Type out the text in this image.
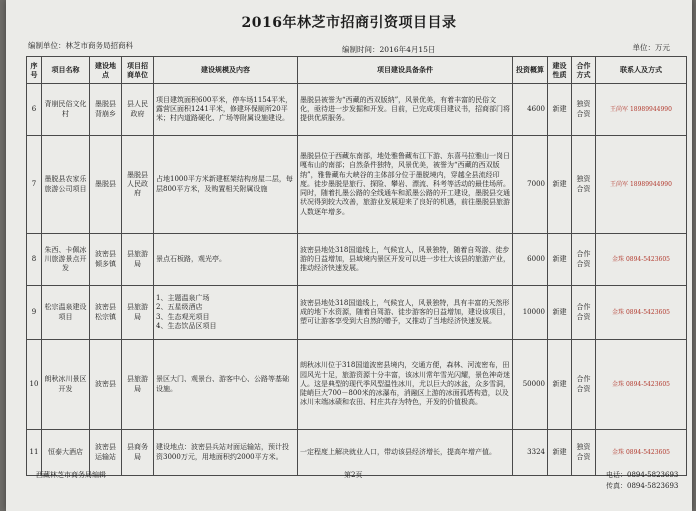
2016年林芝市招商引资项目目录
编制单位：林芝市商务局招商科	编制时间：2016年4月15日	单位：万元
序号	项目名称	建设地点	项目招商单位	建设规模及内容	项目建设具备条件	投资概算	建设性质	合作方式	联系人及方式
6	背崩民俗文化村	墨脱县背崩乡	县人民政府	项目建筑面积600平米，停车场1154平米，露营区面积1241平米，修建环保厕所20平米；村内道路硬化、广场等附属设施建设。	墨脱县被誉为“西藏的西双版纳”，风景优美，有着丰富的民俗文化，亟待进一步发掘和开发。目前，已完成项目建议书，招商部门将提供优质服务。	4600	新建	独资合资	王尚军 18989944990
7	墨脱县农家乐旅游公司项目	墨脱县	墨脱县人民政府	占地1000平方米新建框架结构房屋二层，每层800平方米，及购置相关附属设施	墨脱县位于西藏东南部，地处雅鲁藏布江下游、东喜马拉雅山一岗日嘎布山的南部；自然条件独特，风景优美，被誉为“西藏的西双版纳”，雅鲁藏布大峡谷的主体部分位于墨脱境内，穿越全县流经印度。徒步墨脱是旅行、探险、攀岩、漂流、科考等活动的最佳场所。同时，随着扎墨公路的全线通车和派墨公路的开工建设，墨脱县交通状况得到较大改善，旅游业发展迎来了良好的机遇，前往墨脱县旅游人数逐年增多。	7000	新建	独资合资	王尚军 18989944990
8	朱西、卡佩冰川旅游景点开发	波密县倾多镇	县旅游局	景点石板路，观光亭。	波密县地处318国道线上，气候宜人，风景独特，随着自驾游、徒步游的日益增加，县域境内景区开发可以进一步壮大该县的旅游产业，推动经济快速发展。	6000	新建	合作合资	金珠 0894-5423605
9	松宗温泉建设项目	波密县松宗镇	县旅游局	1、主题温泉广场
2、五星级酒店
3、生态观光项目
4、生态饮品区项目	波密县地处318国道线上，气候宜人，风景独特，具有丰富的天然形成的地下水资源，随着自驾游、徒步游客的日益增加，建设该项目，塑可让游客享受到大自然的赠予，又推动了当地经济快速发展。	10000	新建	合作合资	金珠 0894-5423605
10	朗秋冰川景区开发	波密县	县旅游局	景区大门、观景台、游客中心、公路等基础设施。	朗秋冰川位于318国道波密县境内，交通方便，森林、河流密布，田园风光十足，旅游资源十分丰富，该冰川常年雪光闪耀，景色神奇迷人。这是典型的现代季风型温性冰川，尤以巨大的冰盆，众多雪洞，陡峭巨大700－800米的冰瀑布，消融区上游的冰面孤塔构造，以及冰川末端冰碛和农田、村庄共存为特色，开发的价值极高。	50000	新建	合作合资	金珠 0894-5423605
11	恒泰大酒店	波密县运输站	县商务局	建设地点：波密县兵站对面运输站，预计投资3000万元，用地面积约2000平方米。	一定程度上解决就业人口，带动该县经济增长，提高年增产值。	3324	新建	独资合资	金珠 0894-5423605
西藏林芝市商务局编辑	第2页	电话：0894-5823693
传真：0894-5823693
